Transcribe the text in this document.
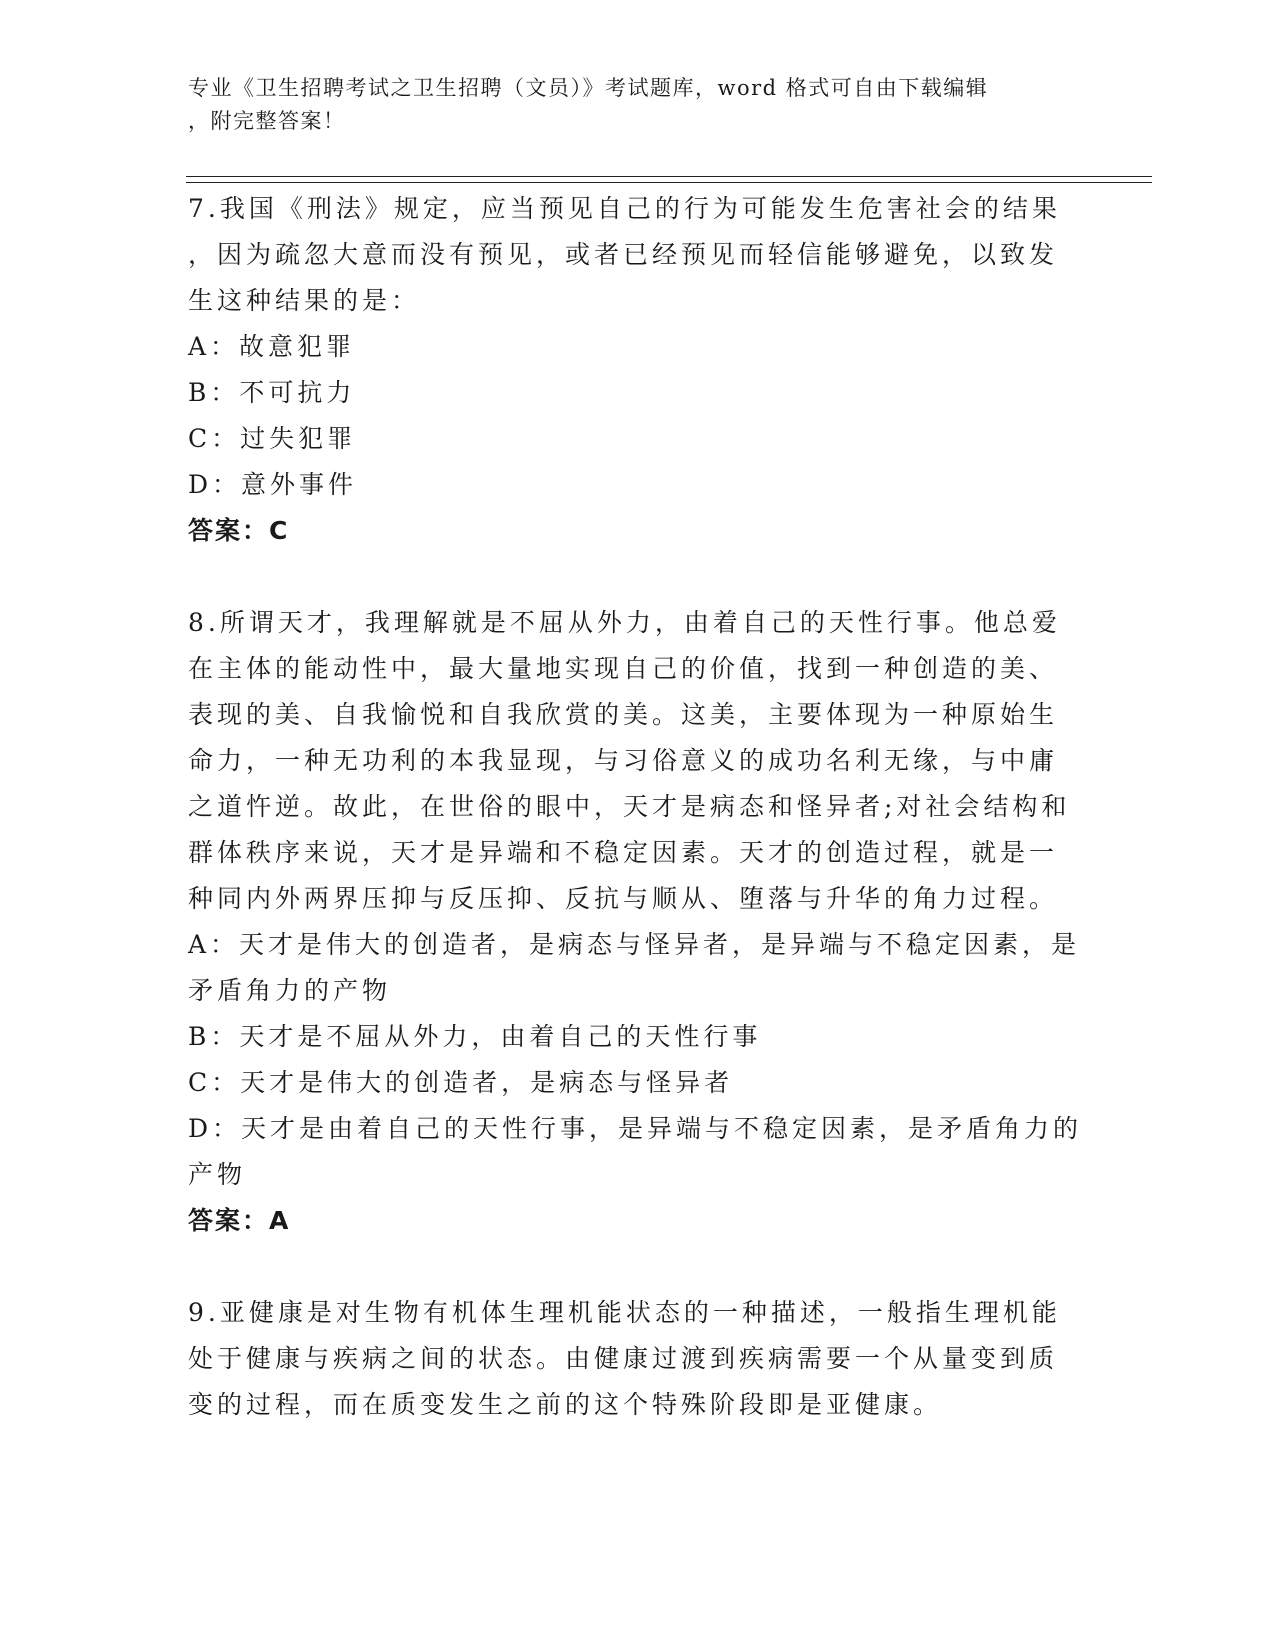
专业《卫生招聘考试之卫生招聘（文员）》考试题库，word 格式可自由下载编辑
，附完整答案！
7.我国《刑法》规定，应当预见自己的行为可能发生危害社会的结果
，因为疏忽大意而没有预见，或者已经预见而轻信能够避免，以致发
生这种结果的是：
A：故意犯罪
B：不可抗力
C：过失犯罪
D：意外事件
答案：C
8.所谓天才，我理解就是不屈从外力，由着自己的天性行事。他总爱
在主体的能动性中，最大量地实现自己的价值，找到一种创造的美、
表现的美、自我愉悦和自我欣赏的美。这美，主要体现为一种原始生
命力，一种无功利的本我显现，与习俗意义的成功名利无缘，与中庸
之道忤逆。故此，在世俗的眼中，天才是病态和怪异者;对社会结构和
群体秩序来说，天才是异端和不稳定因素。天才的创造过程，就是一
种同内外两界压抑与反压抑、反抗与顺从、堕落与升华的角力过程。
A：天才是伟大的创造者，是病态与怪异者，是异端与不稳定因素，是
矛盾角力的产物
B：天才是不屈从外力，由着自己的天性行事
C：天才是伟大的创造者，是病态与怪异者
D：天才是由着自己的天性行事，是异端与不稳定因素，是矛盾角力的
产物
答案：A
9.亚健康是对生物有机体生理机能状态的一种描述，一般指生理机能
处于健康与疾病之间的状态。由健康过渡到疾病需要一个从量变到质
变的过程，而在质变发生之前的这个特殊阶段即是亚健康。
